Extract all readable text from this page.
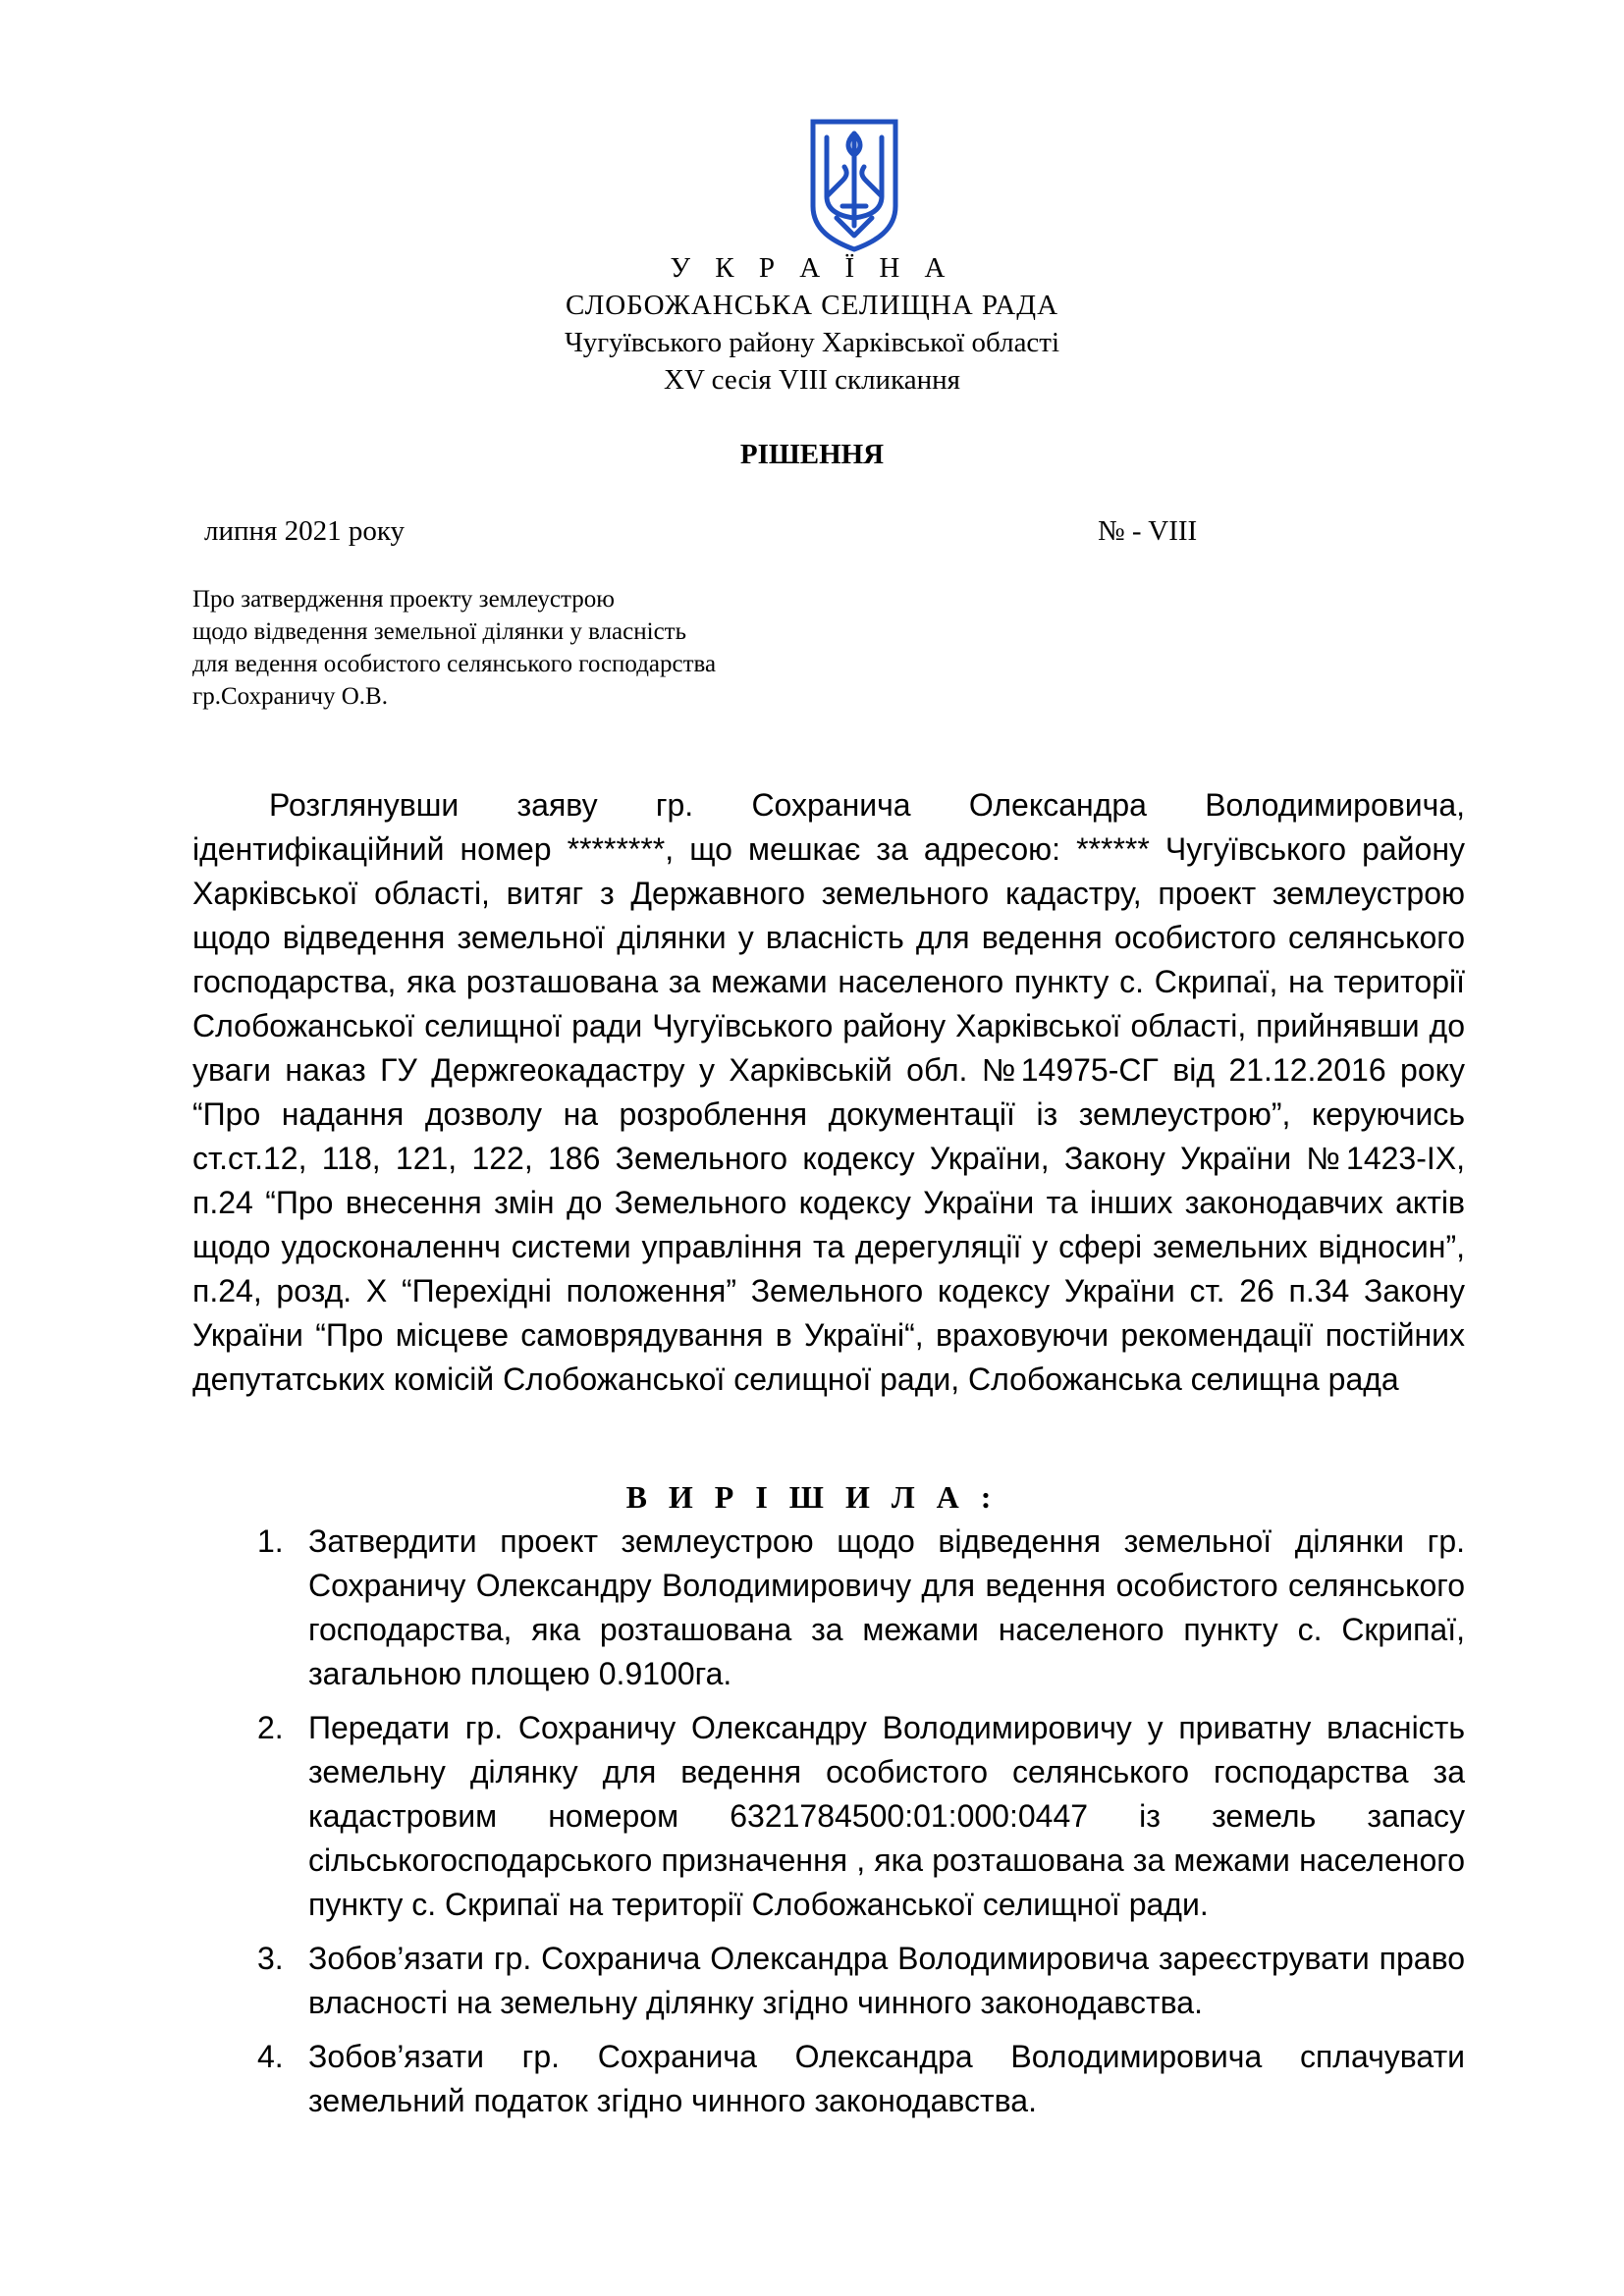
У К Р А Ї Н А
СЛОБОЖАНСЬКА СЕЛИЩНА РАДА
Чугуївського району Харківської області
XV сесія VIII скликання
РІШЕННЯ
липня 2021 року	№ - VIII
Про затвердження проекту землеустрою
щодо відведення земельної ділянки у власність
для ведення особистого селянського господарства
гр.Сохраничу О.В.

Розглянувши заяву гр. Сохранича Олександра Володимировича, ідентифікаційний номер ********, що мешкає за адресою: ****** Чугуївського району Харківської області, витяг з Державного земельного кадастру, проект землеустрою щодо відведення земельної ділянки у власність для ведення особистого селянського господарства, яка розташована за межами населеного пункту с. Скрипаї, на території Слобожанської селищної ради Чугуївського району Харківської області, прийнявши до уваги наказ ГУ Держгеокадастру у Харківській обл. №14975-СГ від 21.12.2016 року “Про надання дозволу на розроблення документації із землеустрою”, керуючись ст.ст.12, 118, 121, 122, 186 Земельного кодексу України, Закону України №1423-IX, п.24 “Про внесення змін до Земельного кодексу України та інших законодавчих актів щодо удосконаленнч системи управління та дерегуляції у сфері земельних відносин”, п.24, розд. Х “Перехідні положення” Земельного кодексу України ст. 26 п.34 Закону України “Про місцеве самоврядування в Україні“, враховуючи рекомендації постійних депутатських комісій Слобожанської селищної ради, Слобожанська селищна рада

В И Р І Ш И Л А :
1. Затвердити проект землеустрою щодо відведення земельної ділянки гр. Сохраничу Олександру Володимировичу для ведення особистого селянського господарства, яка розташована за межами населеного пункту с. Скрипаї, загальною площею 0.9100га.
2. Передати гр. Сохраничу Олександру Володимировичу у приватну власність земельну ділянку для ведення особистого селянського господарства за кадастровим номером 6321784500:01:000:0447 із земель запасу сільськогосподарського призначення , яка розташована за межами населеного пункту с. Скрипаї на території Слобожанської селищної ради.
3. Зобов’язати гр. Сохранича Олександра Володимировича зареєструвати право власності на земельну ділянку згідно чинного законодавства.
4. Зобов’язати гр. Сохранича Олександра Володимировича сплачувати земельний податок згідно чинного законодавства.
